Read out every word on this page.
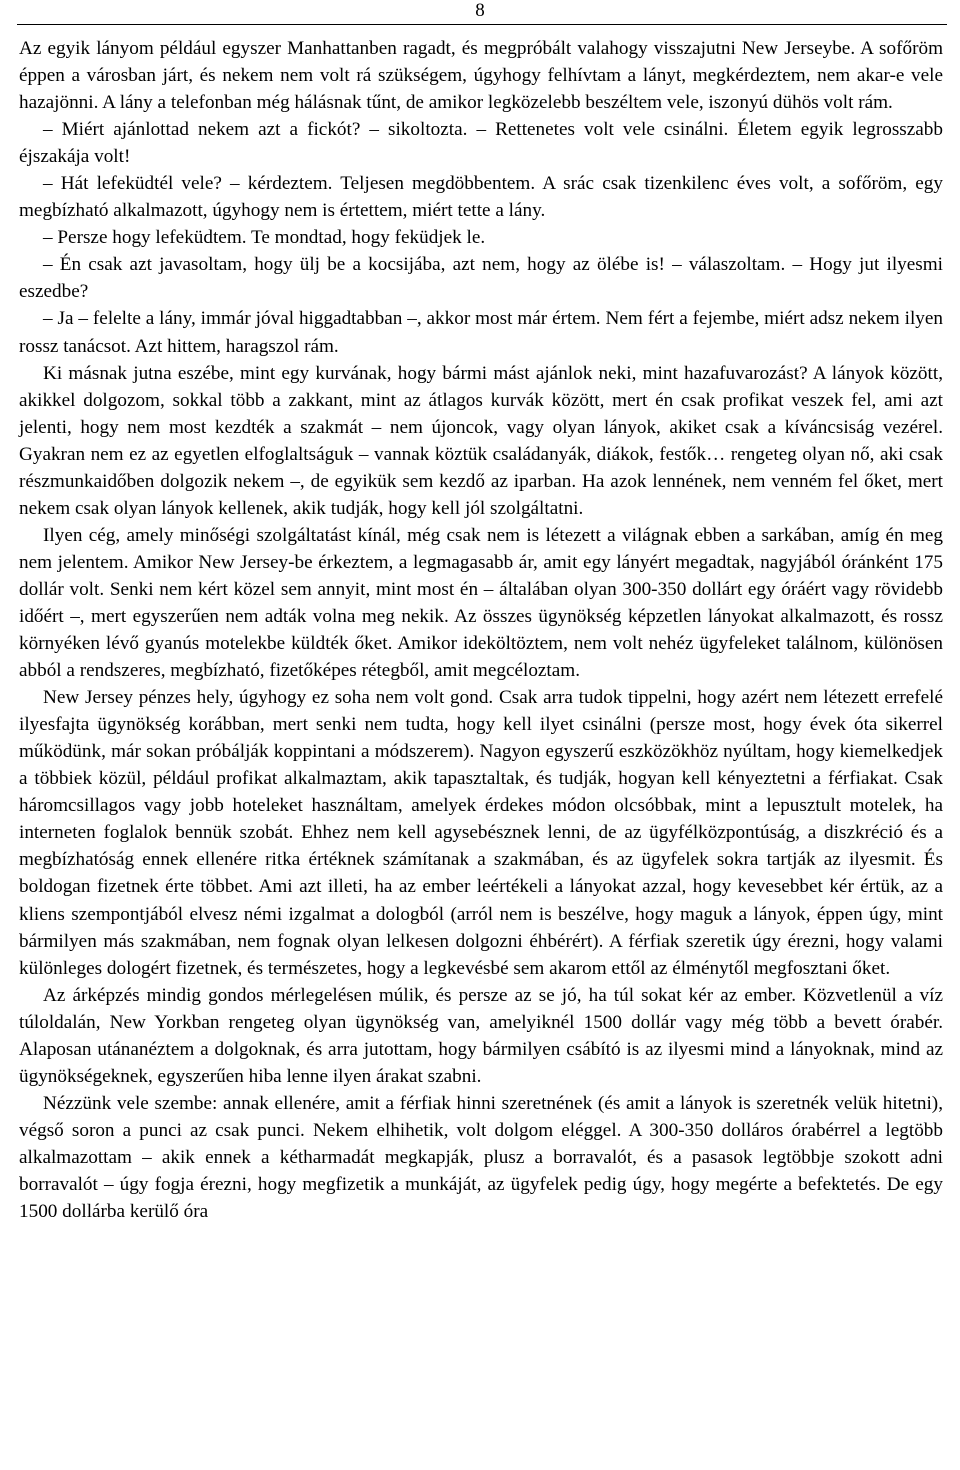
8

Az egyik lányom például egyszer Manhattanben ragadt, és megpróbált valahogy visszajutni New Jerseybe. A sofőröm éppen a városban járt, és nekem nem volt rá szükségem, úgyhogy felhívtam a lányt, megkérdeztem, nem akar-e vele hazajönni. A lány a telefonban még hálásnak tűnt, de amikor legközelebb beszéltem vele, iszonyú dühös volt rám.

– Miért ajánlottad nekem azt a fickót? – sikoltozta. – Rettenetes volt vele csinálni. Életem egyik legrosszabb éjszakája volt!

– Hát lefeküdtél vele? – kérdeztem. Teljesen megdöbbentem. A srác csak tizenkilenc éves volt, a sofőröm, egy megbízható alkalmazott, úgyhogy nem is értettem, miért tette a lány.

– Persze hogy lefeküdtem. Te mondtad, hogy feküdjek le.

– Én csak azt javasoltam, hogy ülj be a kocsijába, azt nem, hogy az ölébe is! – válaszoltam. – Hogy jut ilyesmi eszedbe?

– Ja – felelte a lány, immár jóval higgadtabban –, akkor most már értem. Nem fért a fejembe, miért adsz nekem ilyen rossz tanácsot. Azt hittem, haragszol rám.

Ki másnak jutna eszébe, mint egy kurvának, hogy bármi mást ajánlok neki, mint hazafuvarozást? A lányok között, akikkel dolgozom, sokkal több a zakkant, mint az átlagos kurvák között, mert én csak profikat veszek fel, ami azt jelenti, hogy nem most kezdték a szakmát – nem újoncok, vagy olyan lányok, akiket csak a kíváncsiság vezérel. Gyakran nem ez az egyetlen elfoglaltságuk – vannak köztük családanyák, diákok, festők… rengeteg olyan nő, aki csak részmunkaidőben dolgozik nekem –, de egyikük sem kezdő az iparban. Ha azok lennének, nem venném fel őket, mert nekem csak olyan lányok kellenek, akik tudják, hogy kell jól szolgáltatni.

Ilyen cég, amely minőségi szolgáltatást kínál, még csak nem is létezett a világnak ebben a sarkában, amíg én meg nem jelentem. Amikor New Jersey-be érkeztem, a legmagasabb ár, amit egy lányért megadtak, nagyjából óránként 175 dollár volt. Senki nem kért közel sem annyit, mint most én – általában olyan 300-350 dollárt egy óráért vagy rövidebb időért –, mert egyszerűen nem adták volna meg nekik. Az összes ügynökség képzetlen lányokat alkalmazott, és rossz környéken lévő gyanús motelekbe küldték őket. Amikor ideköltöztem, nem volt nehéz ügyfeleket találnom, különösen abból a rendszeres, megbízható, fizetőképes rétegből, amit megcéloztam.

New Jersey pénzes hely, úgyhogy ez soha nem volt gond. Csak arra tudok tippelni, hogy azért nem létezett errefelé ilyesfajta ügynökség korábban, mert senki nem tudta, hogy kell ilyet csinálni (persze most, hogy évek óta sikerrel működünk, már sokan próbálják koppintani a módszerem). Nagyon egyszerű eszközökhöz nyúltam, hogy kiemelkedjek a többiek közül, például profikat alkalmaztam, akik tapasztaltak, és tudják, hogyan kell kényeztetni a férfiakat. Csak háromcsillagos vagy jobb hoteleket használtam, amelyek érdekes módon olcsóbbak, mint a lepusztult motelek, ha interneten foglalok bennük szobát. Ehhez nem kell agysebésznek lenni, de az ügyfélközpontúság, a diszkréció és a megbízhatóság ennek ellenére ritka értéknek számítanak a szakmában, és az ügyfelek sokra tartják az ilyesmit. És boldogan fizetnek érte többet. Ami azt illeti, ha az ember leértékeli a lányokat azzal, hogy kevesebbet kér értük, az a kliens szempontjából elvesz némi izgalmat a dologból (arról nem is beszélve, hogy maguk a lányok, éppen úgy, mint bármilyen más szakmában, nem fognak olyan lelkesen dolgozni éhbérért). A férfiak szeretik úgy érezni, hogy valami különleges dologért fizetnek, és természetes, hogy a legkevésbé sem akarom ettől az élménytől megfosztani őket.

Az árképzés mindig gondos mérlegelésen múlik, és persze az se jó, ha túl sokat kér az ember. Közvetlenül a víz túloldalán, New Yorkban rengeteg olyan ügynökség van, amelyiknél 1500 dollár vagy még több a bevett órabér. Alaposan utánanéztem a dolgoknak, és arra jutottam, hogy bármilyen csábító is az ilyesmi mind a lányoknak, mind az ügynökségeknek, egyszerűen hiba lenne ilyen árakat szabni.

Nézzünk vele szembe: annak ellenére, amit a férfiak hinni szeretnének (és amit a lányok is szeretnék velük hitetni), végső soron a punci az csak punci. Nekem elhihetik, volt dolgom eléggel. A 300-350 dolláros órabérrel a legtöbb alkalmazottam – akik ennek a kétharmadát megkapják, plusz a borravalót, és a pasasok legtöbbje szokott adni borravalót – úgy fogja érezni, hogy megfizetik a munkáját, az ügyfelek pedig úgy, hogy megérte a befektetés. De egy 1500 dollárba kerülő óra
